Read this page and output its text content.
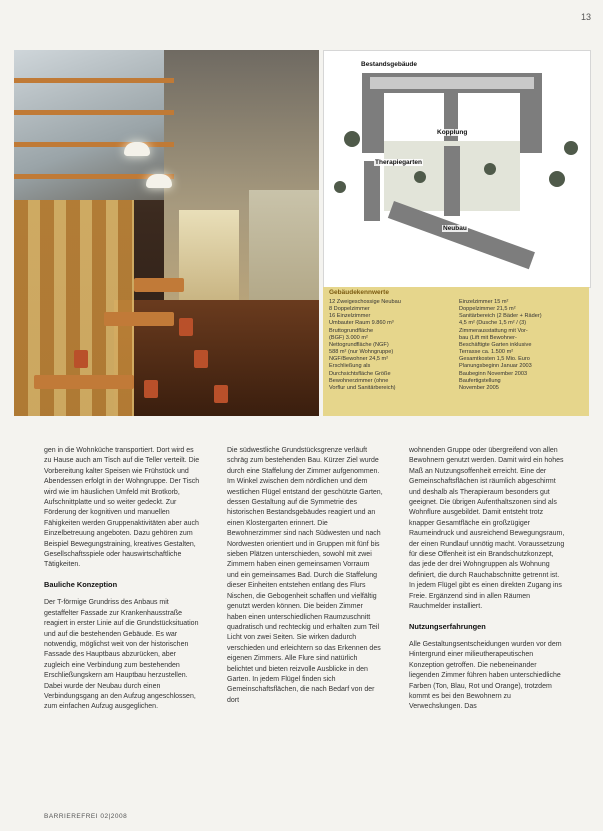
13
Bestandsgebäude
Kopplung
Therapiegarten
Neubau
Gebäudekennwerte
12 Zweigeschossige Neubau
8 Doppelzimmer
16 Einzelzimmer
Umbauter Raum 9.860 m³
Bruttogrundfläche
(BGF) 3.000 m²
Nettogrundfläche (NGF)
588 m² (nur Wohngruppe)
NGF/Bewohner 24,5 m²
Erschließung als
Durchsichtsfläche Größe
Bewohnerzimmer (ohne
Vorflur und Sanitärbereich)
Einzelzimmer 15 m²
Doppelzimmer 21,5 m²
Sanitärbereich (2 Bäder + Räder)
4,5 m² (Dusche 1,5 m² / (3)
Zimmerausstattung mit Vor-
bau (Lift mit Bewohner-
Beschäftigte Garten inklusive
Terrasse ca. 1.500 m²
Gesamtkosten 1,5 Mio. Euro
Planungsbeginn Januar 2003
Baubeginn November 2003
Baufertigstellung
November 2005

gen in die Wohnküche transportiert. Dort wird es zu Hause auch am Tisch auf die Teller verteilt. Die Vorbereitung kalter Speisen wie Frühstück und Abendessen erfolgt in der Wohngruppe. Der Tisch wird wie im häuslichen Umfeld mit Brotkorb, Aufschnittplatte und so weiter gedeckt. Zur Förderung der kognitiven und manuellen Fähigkeiten werden Gruppenaktivitäten aber auch Einzelbetreuung angeboten. Dazu gehören zum Beispiel Bewegungstraining, kreatives Gestalten, Gesellschaftsspiele oder hauswirtschaftliche Tätigkeiten.

Bauliche Konzeption

Der T-förmige Grundriss des Anbaus mit gestaffelter Fassade zur Krankenhausstraße reagiert in erster Linie auf die Grundstücksituation und auf die bestehenden Gebäude. Es war notwendig, möglichst weit von der historischen Fassade des Hauptbaus abzurücken, aber zugleich eine Verbindung zum bestehenden Erschließungskern am Hauptbau herzustellen. Dabei wurde der Neubau durch einen Verbindungsgang an den Aufzug angeschlossen, zum einfachen Aufzug ausgeglichen.

Die südwestliche Grundstücksgrenze verläuft schräg zum bestehenden Bau. Kürzer Ziel wurde durch eine Staffelung der Zimmer aufgenommen. Im Winkel zwischen dem nördlichen und dem westlichen Flügel entstand der geschützte Garten, dessen Gestaltung auf die Symmetrie des historischen Bestandsgebäudes reagiert und an einen Klostergarten erinnert. Die Bewohnerzimmer sind nach Südwesten und nach Nordwesten orientiert und in Gruppen mit fünf bis sieben Plätzen unterschieden, sowohl mit zwei Zimmern haben einen gemeinsamen Vorraum und ein gemeinsames Bad. Durch die Staffelung dieser Einheiten entstehen entlang des Flurs Nischen, die Gebogenheit schaffen und vielfältig genutzt werden können. Die beiden Zimmer haben einen unterschiedlichen Raumzuschnitt quadratisch und rechteckig und erhalten zum Teil Licht von zwei Seiten. Sie wirken dadurch verschieden und erleichtern so das Erkennen des eigenen Zimmers. Alle Flure sind natürlich belichtet und bieten reizvolle Ausblicke in den Garten. In jedem Flügel finden sich Gemeinschaftsflächen, die nach Bedarf von der dort

wohnenden Gruppe oder übergreifend von allen Bewohnern genutzt werden. Damit wird ein hohes Maß an Nutzungsoffenheit erreicht. Eine der Gemeinschaftsflächen ist räumlich abgeschirmt und deshalb als Therapieraum besonders gut geeignet. Die übrigen Aufenthaltszonen sind als Wohnflure ausgebildet. Damit entsteht trotz knapper Gesamtfläche ein großzügiger Raumeindruck und ausreichend Bewegungsraum, der einen Rundlauf unnötig macht. Voraussetzung für diese Offenheit ist ein Brandschutzkonzept, das jede der drei Wohngruppen als Wohnung definiert, die durch Rauchabschnitte getrennt ist. In jedem Flügel gibt es einen direkten Zugang ins Freie. Ergänzend sind in allen Räumen Rauchmelder installiert.

Nutzungserfahrungen

Alle Gestaltungsentscheidungen wurden vor dem Hintergrund einer milieutherapeutischen Konzeption getroffen. Die nebeneinander liegenden Zimmer führen haben unterschiedliche Farben (Ton, Blau, Rot und Orange), trotzdem kommt es bei den Bewohnern zu Verwechslungen. Das

BARRIEREFREI 02|2008
